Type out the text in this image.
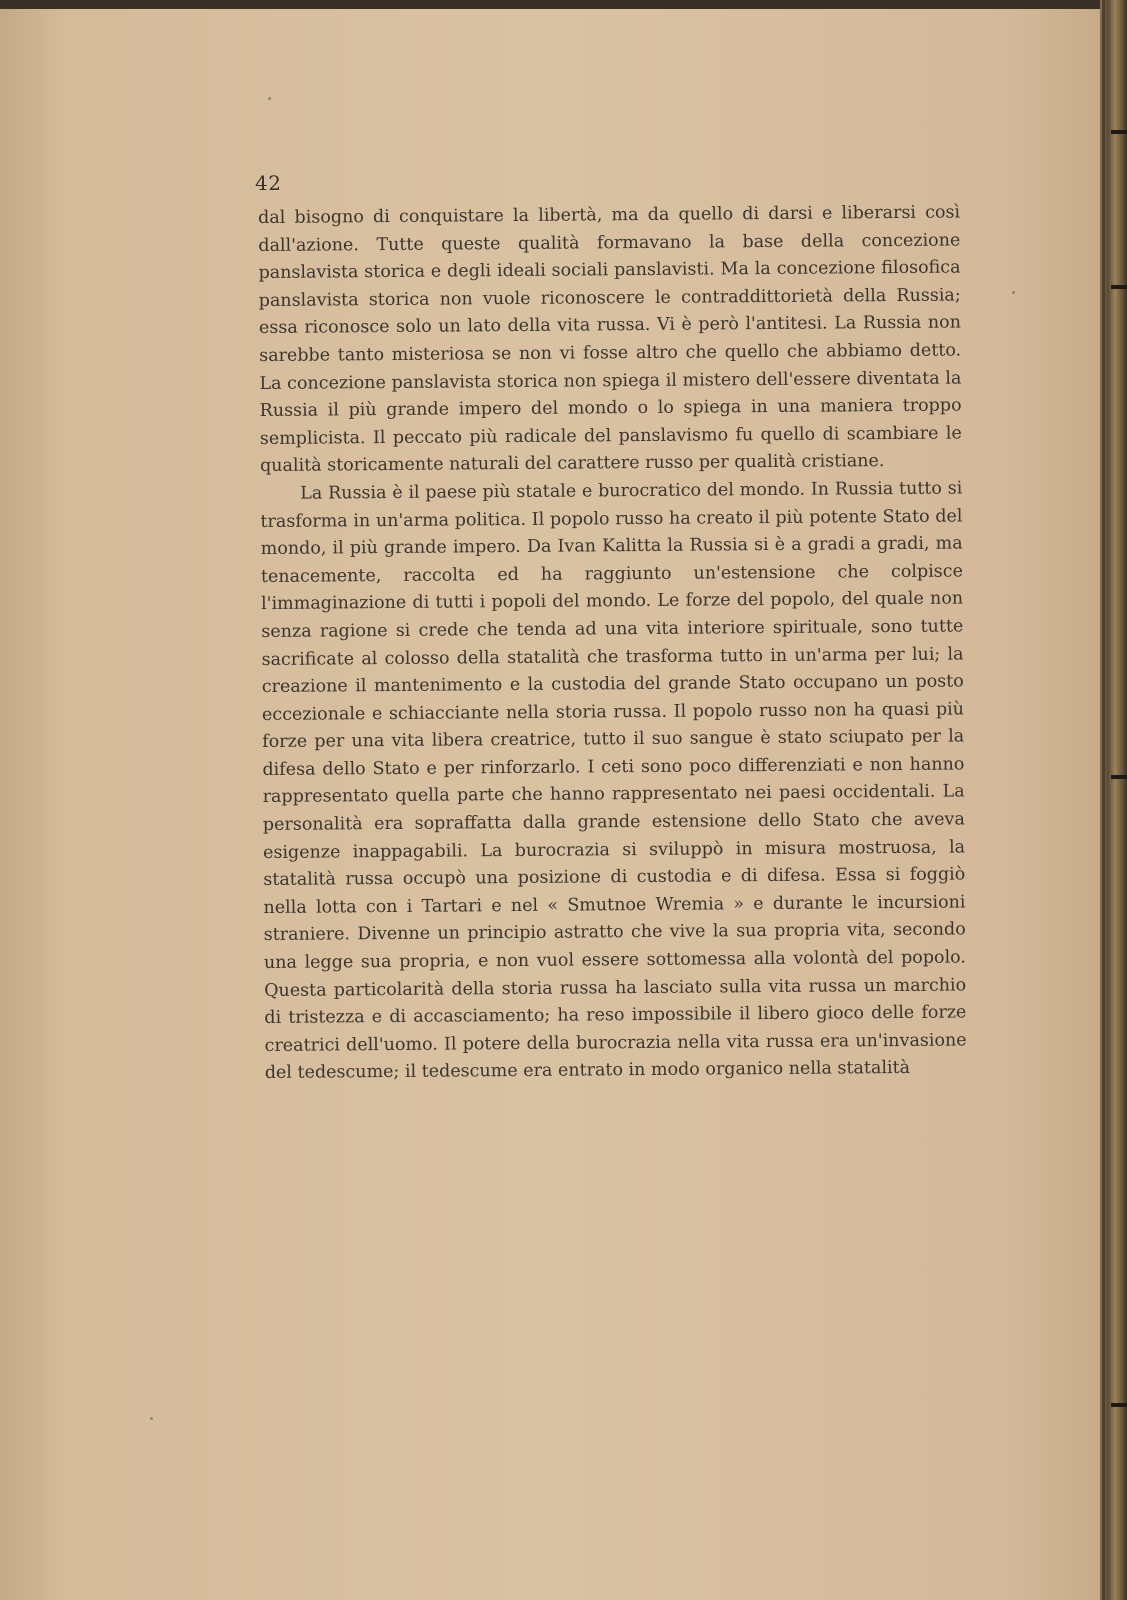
42

dal bisogno di conquistare la libertà, ma da quello di darsi e liberarsi così dall'azione. Tutte queste qualità formavano la base della concezione panslavista storica e degli ideali sociali panslavisti. Ma la concezione filosofica panslavista storica non vuole riconoscere le contraddittorietà della Russia; essa riconosce solo un lato della vita russa. Vi è però l'antitesi. La Russia non sarebbe tanto misteriosa se non vi fosse altro che quello che abbiamo detto. La concezione panslavista storica non spiega il mistero dell'essere diventata la Russia il più grande impero del mondo o lo spiega in una maniera troppo semplicista. Il peccato più radicale del panslavismo fu quello di scambiare le qualità storicamente naturali del carattere russo per qualità cristiane.

La Russia è il paese più statale e burocratico del mondo. In Russia tutto si trasforma in un'arma politica. Il popolo russo ha creato il più potente Stato del mondo, il più grande impero. Da Ivan Kalitta la Russia si è a gradi a gradi, ma tenacemente, raccolta ed ha raggiunto un'estensione che colpisce l'immaginazione di tutti i popoli del mondo. Le forze del popolo, del quale non senza ragione si crede che tenda ad una vita interiore spirituale, sono tutte sacrificate al colosso della statalità che trasforma tutto in un'arma per lui; la creazione il mantenimento e la custodia del grande Stato occupano un posto eccezionale e schiacciante nella storia russa. Il popolo russo non ha quasi più forze per una vita libera creatrice, tutto il suo sangue è stato sciupato per la difesa dello Stato e per rinforzarlo. I ceti sono poco differenziati e non hanno rappresentato quella parte che hanno rappresentato nei paesi occidentali. La personalità era sopraffatta dalla grande estensione dello Stato che aveva esigenze inappagabili. La burocrazia si sviluppò in misura mostruosa, la statalità russa occupò una posizione di custodia e di difesa. Essa si foggiò nella lotta con i Tartari e nel « Smutnoe Wremia » e durante le incursioni straniere. Divenne un principio astratto che vive la sua propria vita, secondo una legge sua propria, e non vuol essere sottomessa alla volontà del popolo. Questa particolarità della storia russa ha lasciato sulla vita russa un marchio di tristezza e di accasciamento; ha reso impossibile il libero gioco delle forze creatrici dell'uomo. Il potere della burocrazia nella vita russa era un'invasione del tedescume; il tedescume era entrato in modo organico nella statalità
